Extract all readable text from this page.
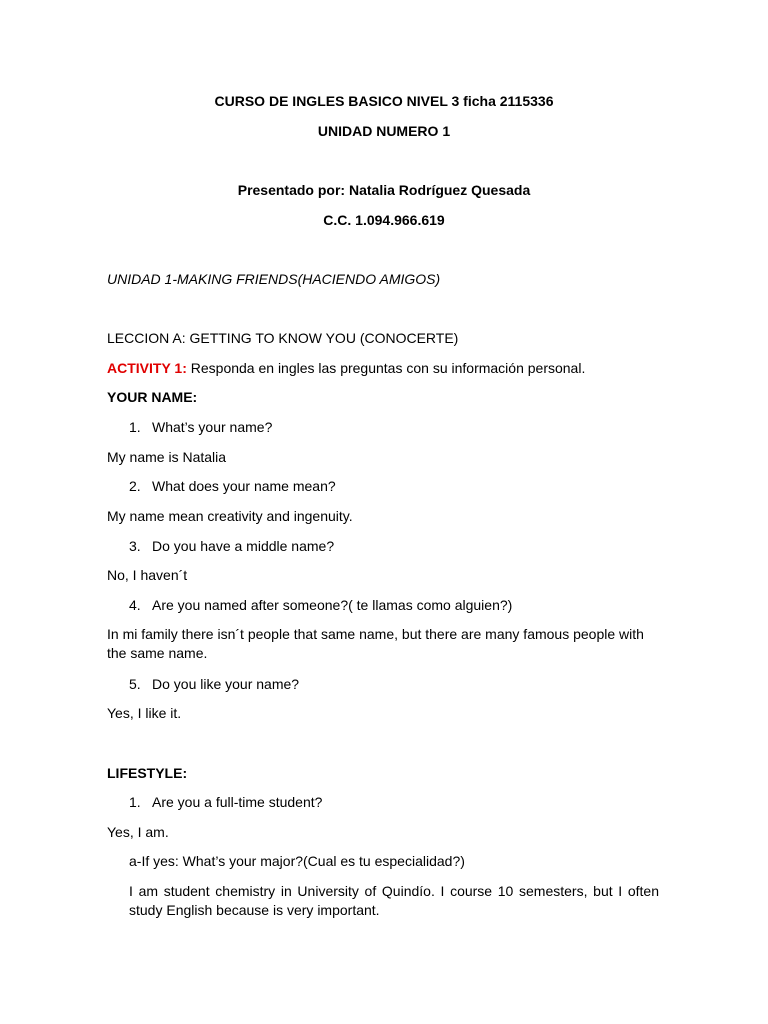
CURSO DE INGLES BASICO NIVEL 3 ficha 2115336
UNIDAD NUMERO 1
Presentado por: Natalia Rodríguez Quesada
C.C. 1.094.966.619
UNIDAD 1-MAKING FRIENDS(HACIENDO AMIGOS)
LECCION A: GETTING TO KNOW YOU (CONOCERTE)
ACTIVITY 1: Responda en ingles las preguntas con su información personal.
YOUR NAME:
1. What’s your name?
My name is Natalia
2. What does your name mean?
My name mean creativity and ingenuity.
3. Do you have a middle name?
No, I haven´t
4. Are you named after someone?( te llamas como alguien?)
In mi family there isn´t people that same name, but there are many famous people with the same name.
5. Do you like your name?
Yes, I like it.
LIFESTYLE:
1. Are you a full-time student?
Yes, I am.
a-If yes: What’s your major?(Cual es tu especialidad?)
I am student chemistry in University of Quindío. I course 10 semesters, but I often study English because is very important.
